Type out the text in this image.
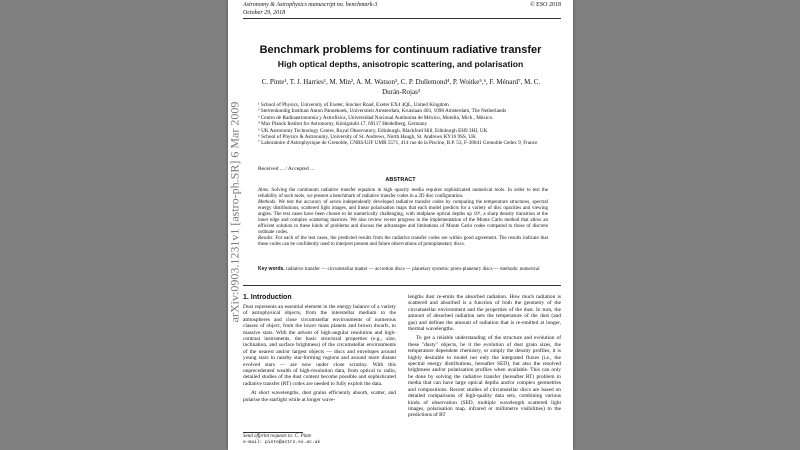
Astronomy & Astrophysics manuscript no. benchmark-3
October 29, 2018
© ESO 2018
Benchmark problems for continuum radiative transfer
High optical depths, anisotropic scattering, and polarisation
C. Pinte¹, T. J. Harries¹, M. Min², A. M. Watson³, C. P. Dullemond⁴, P. Woitke⁵,⁶, F. Ménard⁷, M. C. Durán-Rojas³
¹ School of Physics, University of Exeter, Stocker Road, Exeter EX4 4QL, United Kingdom
² Sterrenkundig Instituut Anton Pannekoek, Universiteit Amsterdam, Kruislaan 403, 1098 Amsterdam, The Netherlands
³ Centro de Radioastronomía y Astrofísica, Universidad Nacional Autónoma de México, Morelia, Mich., México.
⁴ Max Planck Institut for Astronomy, Königstuhl 17, 69117 Heidelberg, Germany
⁵ UK Astronomy Technology Centre, Royal Observatory, Edinburgh, Blackford Hill, Edinburgh EH9 3HJ, UK
⁶ School of Physics & Astronomy, University of St. Andrews, North Haugh, St. Andrews KY16 9SS, UK
⁷ Laboratoire d'Astrophysique de Grenoble, CNRS/UJF UMR 5571, 414 rue de la Piscine, B.P. 53, F-38041 Grenoble Cedex 9, France
Received ... / Accepted ...
ABSTRACT

Aims. Solving the continuum radiative transfer equation in high opacity media requires sophisticated numerical tools. In order to test the reliability of such tools, we present a benchmark of radiative transfer codes in a 2D disc configuration.

Methods. We test the accuracy of seven independently developed radiative transfer codes by comparing the temperature structures, spectral energy distributions, scattered light images, and linear polarisation maps that each model predicts for a variety of disc opacities and viewing angles. The test cases have been chosen to be numerically challenging, with midplane optical depths up 10⁶, a sharp density transition at the inner edge and complex scattering matrices. We also review recent progress in the implementation of the Monte Carlo method that allow an efficient solution to these kinds of problems and discuss the advantages and limitations of Monte Carlo codes compared to those of discrete ordinate codes.

Results. For each of the test cases, the predicted results from the radiative transfer codes are within good agreement. The results indicate that these codes can be confidently used to interpret present and future observations of protoplanetary discs.

Key words. radiative transfer — circumstellar matter — accretion discs — planetary systems: proto-planetary discs — methods: numerical
1. Introduction

Dust represents an essential element in the energy balance of a variety of astrophysical objects, from the interstellar medium to the atmospheres and close circumstellar environments of numerous classes of object, from the lower mass planets and brown dwarfs, to massive stars. With the advent of high-angular resolution and high-contrast instruments, the basic structural properties (e.g., size, inclination, and surface brightness) of the circumstellar environments of the nearest and/or largest objects — discs and envelopes around young stars in nearby star-forming regions and around more distant evolved stars — are now under close scrutiny. With this unprecedented wealth of high-resolution data, from optical to radio, detailed studies of the dust content become possible and sophisticated radiative transfer (RT) codes are needed to fully exploit the data.

At short wavelengths, dust grains efficiently absorb, scatter, and polarise the starlight while at longer wave-

lengths dust re-emits the absorbed radiation. How much radiation is scattered and absorbed is a function of both the geometry of the circumstellar environment and the properties of the dust. In turn, the amount of absorbed radiation sets the temperature of the dust (and gas) and defines the amount of radiation that is re-emitted at longer, thermal wavelengths.

To get a reliable understanding of the structure and evolution of these "dusty" objects, be it the evolution of dust grain sizes, the temperature dependent chemistry, or simply the density profiles, it is highly desirable to model not only the integrated fluxes (i.e., the spectral energy distributions, hereafter SED), but also the resolved brightness and/or polarisation profiles when available. This can only be done by solving the radiative transfer (hereafter RT) problem in media that can have large optical depths and/or complex geometries and compositions. Recent studies of circumstellar discs are based on detailed comparisons of high-quality data sets, combining various kinds of observation (SED, multiple wavelength scattered light images, polarisation map, infrared or millimetre visibilities) to the predictions of RT

Send offprint requests to: C. Pinte
e-mail: pinte@astro.ex.ac.uk
arXiv:0903.1231v1 [astro-ph.SR] 6 Mar 2009
